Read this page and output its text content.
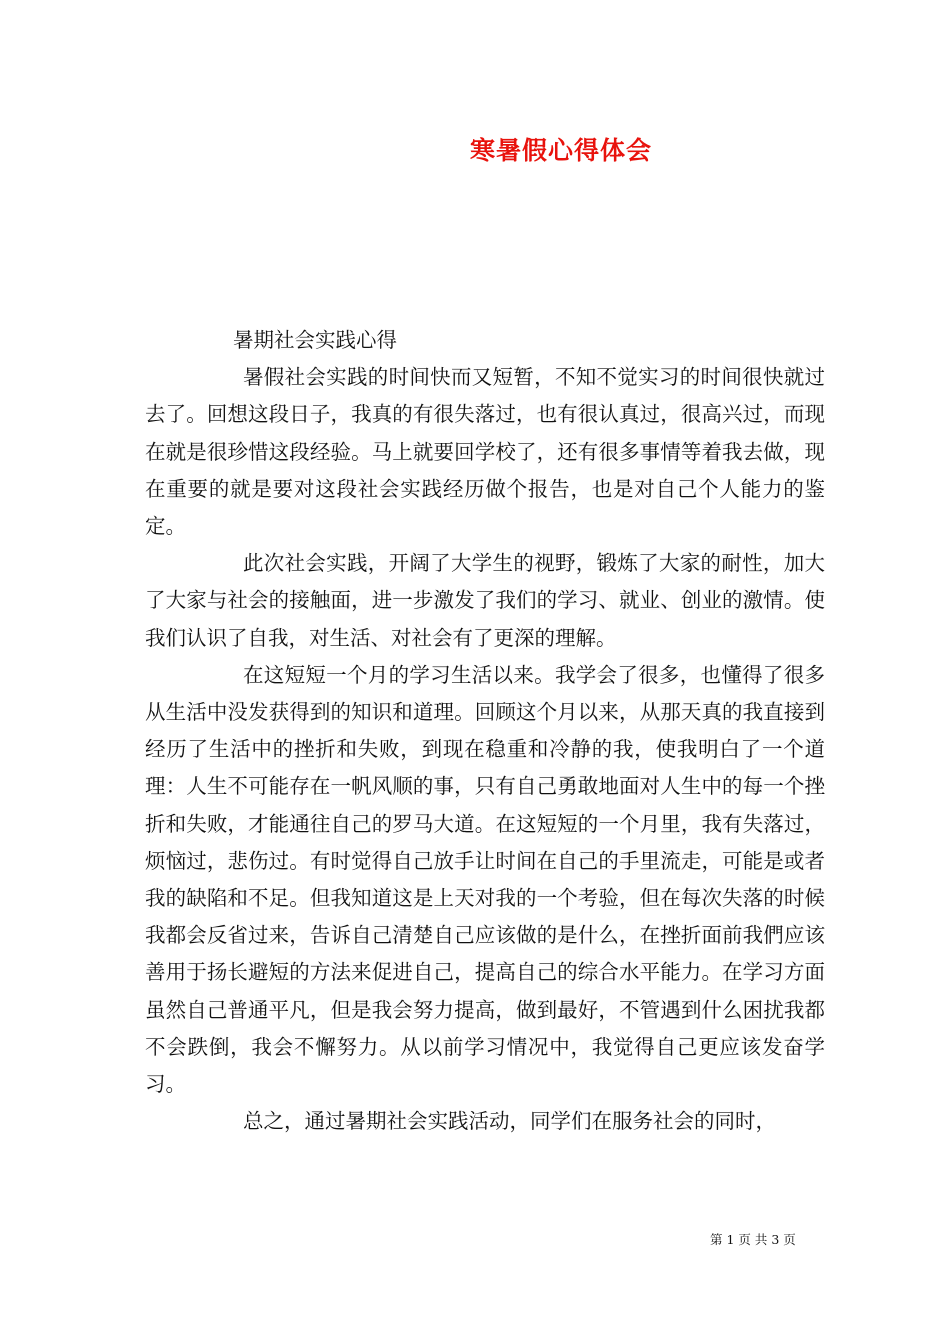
寒暑假心得体会

暑期社会实践心得

暑假社会实践的时间快而又短暂，不知不觉实习的时间很快就过去了。回想这段日子，我真的有很失落过，也有很认真过，很高兴过，而现在就是很珍惜这段经验。马上就要回学校了，还有很多事情等着我去做，现在重要的就是要对这段社会实践经历做个报告，也是对自己个人能力的鉴定。

此次社会实践，开阔了大学生的视野，锻炼了大家的耐性，加大了大家与社会的接触面，进一步激发了我们的学习、就业、创业的激情。使我们认识了自我，对生活、对社会有了更深的理解。

在这短短一个月的学习生活以来。我学会了很多，也懂得了很多从生活中没发获得到的知识和道理。回顾这个月以来，从那天真的我直接到经历了生活中的挫折和失败，到现在稳重和冷静的我，使我明白了一个道理：人生不可能存在一帆风顺的事，只有自己勇敢地面对人生中的每一个挫折和失败，才能通往自己的罗马大道。在这短短的一个月里，我有失落过，烦恼过，悲伤过。有时觉得自己放手让时间在自己的手里流走，可能是或者我的缺陷和不足。但我知道这是上天对我的一个考验，但在每次失落的时候我都会反省过来，告诉自己清楚自己应该做的是什么，在挫折面前我們应该善用于扬长避短的方法来促进自己，提高自己的综合水平能力。在学习方面虽然自己普通平凡，但是我会努力提高，做到最好，不管遇到什么困扰我都不会跌倒，我会不懈努力。从以前学习情况中，我觉得自己更应该发奋学习。

总之，通过暑期社会实践活动，同学们在服务社会的同时，

第 1 页 共 3 页
